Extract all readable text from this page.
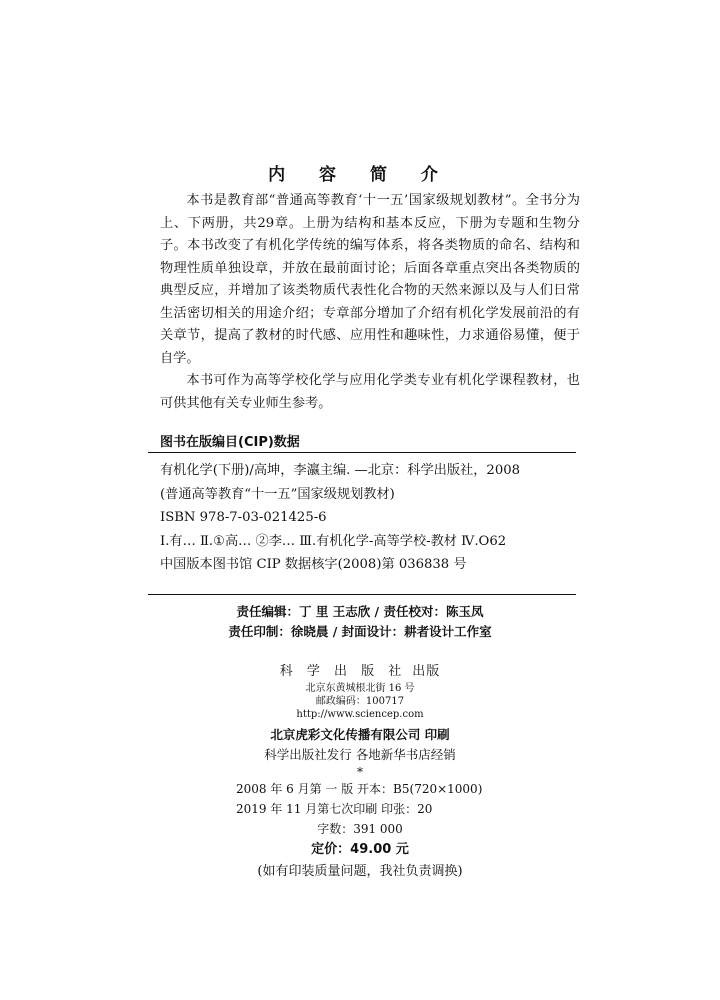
内 容 简 介

本书是教育部“普通高等教育‘十一五’国家级规划教材”。全书分为上、下两册，共29章。上册为结构和基本反应，下册为专题和生物分子。本书改变了有机化学传统的编写体系，将各类物质的命名、结构和物理性质单独设章，并放在最前面讨论；后面各章重点突出各类物质的典型反应，并增加了该类物质代表性化合物的天然来源以及与人们日常生活密切相关的用途介绍；专章部分增加了介绍有机化学发展前沿的有关章节，提高了教材的时代感、应用性和趣味性，力求通俗易懂，便于自学。

本书可作为高等学校化学与应用化学类专业有机化学课程教材，也可供其他有关专业师生参考。

图书在版编目(CIP)数据
有机化学(下册)/高坤，李瀛主编. —北京：科学出版社，2008
(普通高等教育“十一五”国家级规划教材)
ISBN 978-7-03-021425-6
Ⅰ.有… Ⅱ.①高… ②李… Ⅲ.有机化学-高等学校-教材 Ⅳ.O62
中国版本图书馆 CIP 数据核字(2008)第 036838 号
责任编辑：丁 里 王志欣 / 责任校对：陈玉凤
责任印制：徐晓晨 / 封面设计：耕者设计工作室
科 学 出 版 社 出版
北京东黄城根北街 16 号
邮政编码：100717
http://www.sciencep.com
北京虎彩文化传播有限公司 印刷
科学出版社发行 各地新华书店经销
*
2008 年 6 月第 一 版 开本：B5(720×1000)
2019 年 11 月第七次印刷 印张：20
字数：391 000
定价：49.00 元
(如有印装质量问题，我社负责调换)
